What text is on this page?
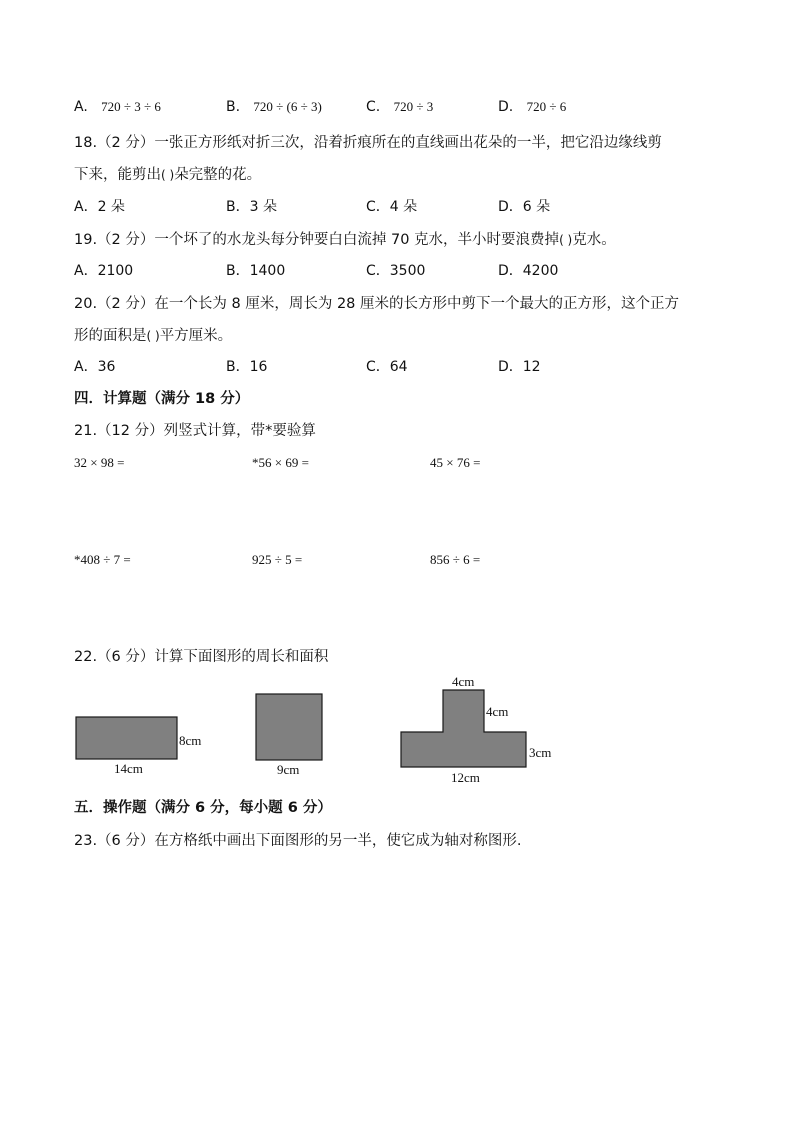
A. 720 ÷ 3 ÷ 6	B. 720 ÷ (6 ÷ 3)	C. 720 ÷ 3	D. 720 ÷ 6
18.（2 分）一张正方形纸对折三次，沿着折痕所在的直线画出花朵的一半，把它沿边缘线剪
下来，能剪出( )朵完整的花。
A．2 朵	B．3 朵	C．4 朵	D．6 朵
19.（2 分）一个坏了的水龙头每分钟要白白流掉 70 克水，半小时要浪费掉( )克水。
A．2100	B．1400	C．3500	D．4200
20.（2 分）在一个长为 8 厘米，周长为 28 厘米的长方形中剪下一个最大的正方形，这个正方
形的面积是( )平方厘米。
A．36	B．16	C．64	D．12
四．计算题（满分 18 分）
21.（12 分）列竖式计算，带*要验算
32 × 98 =	*56 × 69 =	45 × 76 =
*408 ÷ 7 =	925 ÷ 5 =	856 ÷ 6 =
22.（6 分）计算下面图形的周长和面积
8cm
14cm	9cm
4cm
4cm
3cm
12cm
五．操作题（满分 6 分，每小题 6 分）
23.（6 分）在方格纸中画出下面图形的另一半，使它成为轴对称图形.
